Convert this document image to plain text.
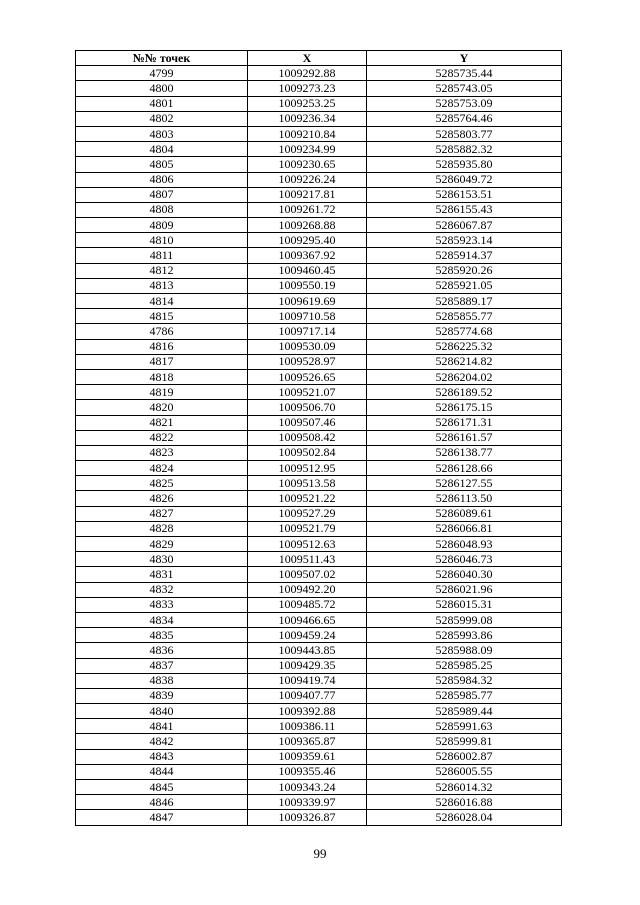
№№ точек	X	Y
4799	1009292.88	5285735.44
4800	1009273.23	5285743.05
4801	1009253.25	5285753.09
4802	1009236.34	5285764.46
4803	1009210.84	5285803.77
4804	1009234.99	5285882.32
4805	1009230.65	5285935.80
4806	1009226.24	5286049.72
4807	1009217.81	5286153.51
4808	1009261.72	5286155.43
4809	1009268.88	5286067.87
4810	1009295.40	5285923.14
4811	1009367.92	5285914.37
4812	1009460.45	5285920.26
4813	1009550.19	5285921.05
4814	1009619.69	5285889.17
4815	1009710.58	5285855.77
4786	1009717.14	5285774.68
4816	1009530.09	5286225.32
4817	1009528.97	5286214.82
4818	1009526.65	5286204.02
4819	1009521.07	5286189.52
4820	1009506.70	5286175.15
4821	1009507.46	5286171.31
4822	1009508.42	5286161.57
4823	1009502.84	5286138.77
4824	1009512.95	5286128.66
4825	1009513.58	5286127.55
4826	1009521.22	5286113.50
4827	1009527.29	5286089.61
4828	1009521.79	5286066.81
4829	1009512.63	5286048.93
4830	1009511.43	5286046.73
4831	1009507.02	5286040.30
4832	1009492.20	5286021.96
4833	1009485.72	5286015.31
4834	1009466.65	5285999.08
4835	1009459.24	5285993.86
4836	1009443.85	5285988.09
4837	1009429.35	5285985.25
4838	1009419.74	5285984.32
4839	1009407.77	5285985.77
4840	1009392.88	5285989.44
4841	1009386.11	5285991.63
4842	1009365.87	5285999.81
4843	1009359.61	5286002.87
4844	1009355.46	5286005.55
4845	1009343.24	5286014.32
4846	1009339.97	5286016.88
4847	1009326.87	5286028.04
99
